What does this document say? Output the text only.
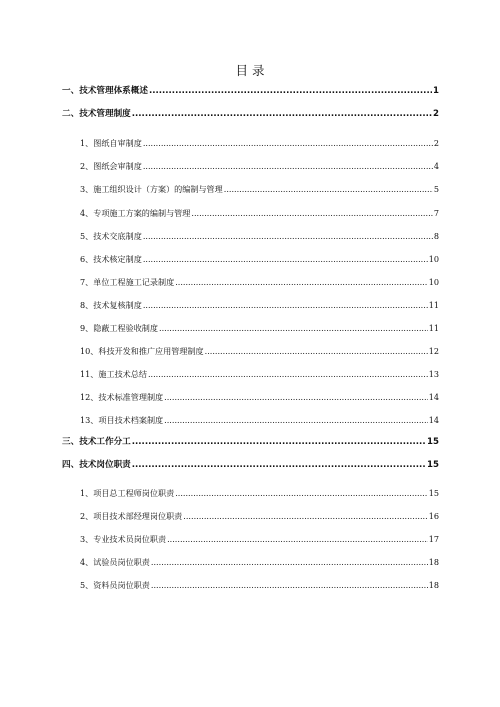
目 录
一、技术管理体系概述 .....	1
二、技术管理制度 .....	2
1、图纸自审制度 .....	2
2、图纸会审制度 .....	4
3、施工组织设计（方案）的编制与管理 .....	5
4、专项施工方案的编制与管理 .....	7
5、技术交底制度 .....	8
6、技术核定制度 .....	10
7、单位工程施工记录制度 .....	10
8、技术复核制度 .....	11
9、隐蔽工程验收制度 .....	11
10、科技开发和推广应用管理制度 .....	12
11、施工技术总结 .....	13
12、技术标准管理制度 .....	14
13、项目技术档案制度 .....	14
三、技术工作分工 .....	15
四、技术岗位职责 .....	15
1、项目总工程师岗位职责 .....	15
2、项目技术部经理岗位职责 .....	16
3、专业技术员岗位职责 .....	17
4、试验员岗位职责 .....	18
5、资料员岗位职责 .....	18
